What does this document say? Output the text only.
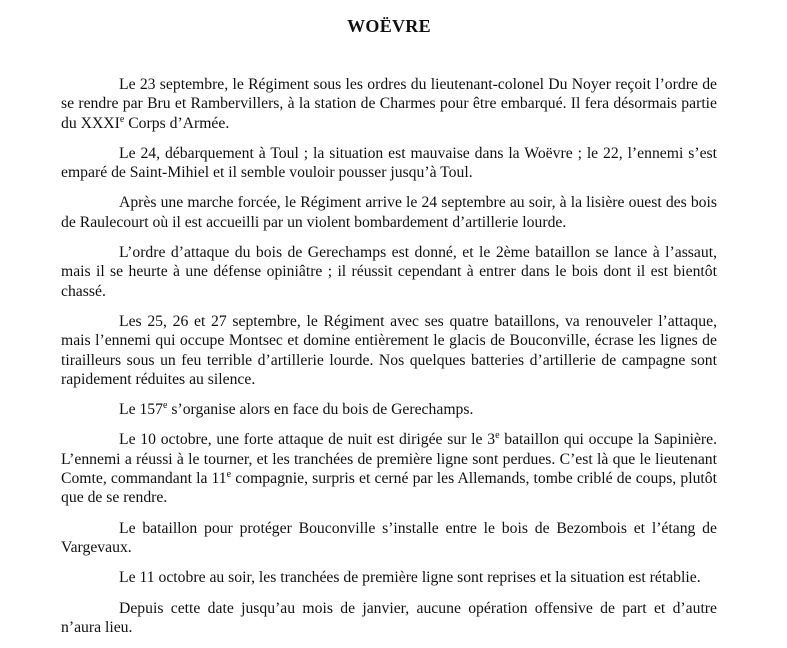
WOËVRE

Le 23 septembre, le Régiment sous les ordres du lieutenant-colonel Du Noyer reçoit l’ordre de se rendre par Bru et Rambervillers, à la station de Charmes pour être embarqué. Il fera désormais partie du XXXIe Corps d’Armée.

Le 24, débarquement à Toul ; la situation est mauvaise dans la Woëvre ; le 22, l’ennemi s’est emparé de Saint-Mihiel et il semble vouloir pousser jusqu’à Toul.

Après une marche forcée, le Régiment arrive le 24 septembre au soir, à la lisière ouest des bois de Raulecourt où il est accueilli par un violent bombardement d’artillerie lourde.

L’ordre d’attaque du bois de Gerechamps est donné, et le 2ème bataillon se lance à l’assaut, mais il se heurte à une défense opiniâtre ; il réussit cependant à entrer dans le bois dont il est bientôt chassé.

Les 25, 26 et 27 septembre, le Régiment avec ses quatre bataillons, va renouveler l’attaque, mais l’ennemi qui occupe Montsec et domine entièrement le glacis de Bouconville, écrase les lignes de tirailleurs sous un feu terrible d’artillerie lourde. Nos quelques batteries d’artillerie de campagne sont rapidement réduites au silence.

Le 157e s’organise alors en face du bois de Gerechamps.

Le 10 octobre, une forte attaque de nuit est dirigée sur le 3e bataillon qui occupe la Sapinière. L’ennemi a réussi à le tourner, et les tranchées de première ligne sont perdues. C’est là que le lieutenant Comte, commandant la 11e compagnie, surpris et cerné par les Allemands, tombe criblé de coups, plutôt que de se rendre.

Le bataillon pour protéger Bouconville s’installe entre le bois de Bezombois et l’étang de Vargevaux.

Le 11 octobre au soir, les tranchées de première ligne sont reprises et la situation est rétablie.

Depuis cette date jusqu’au mois de janvier, aucune opération offensive de part et d’autre n’aura lieu.
